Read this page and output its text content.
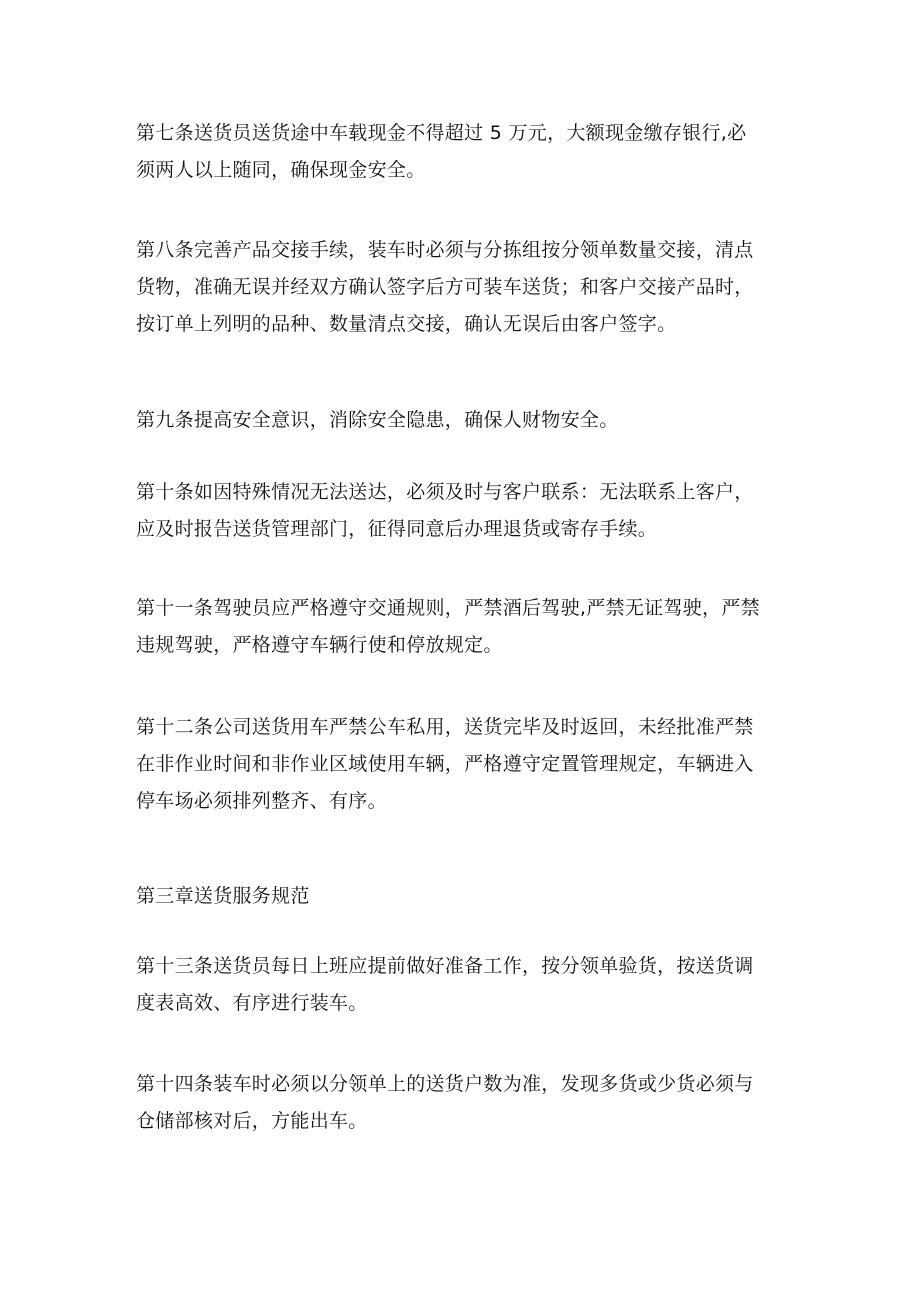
第七条送货员送货途中车载现金不得超过 5 万元，大额现金缴存银行,必
须两人以上随同，确保现金安全。

第八条完善产品交接手续，装车时必须与分拣组按分领单数量交接，清点
货物，准确无误并经双方确认签字后方可装车送货；和客户交接产品时，
按订单上列明的品种、数量清点交接，确认无误后由客户签字。

第九条提高安全意识，消除安全隐患，确保人财物安全。

第十条如因特殊情况无法送达，必须及时与客户联系：无法联系上客户，
应及时报告送货管理部门，征得同意后办理退货或寄存手续。

第十一条驾驶员应严格遵守交通规则，严禁酒后驾驶,严禁无证驾驶，严禁
违规驾驶，严格遵守车辆行使和停放规定。

第十二条公司送货用车严禁公车私用，送货完毕及时返回，未经批准严禁
在非作业时间和非作业区域使用车辆，严格遵守定置管理规定，车辆进入
停车场必须排列整齐、有序。

第三章送货服务规范

第十三条送货员每日上班应提前做好准备工作，按分领单验货，按送货调
度表高效、有序进行装车。

第十四条装车时必须以分领单上的送货户数为准，发现多货或少货必须与
仓储部核对后，方能出车。
